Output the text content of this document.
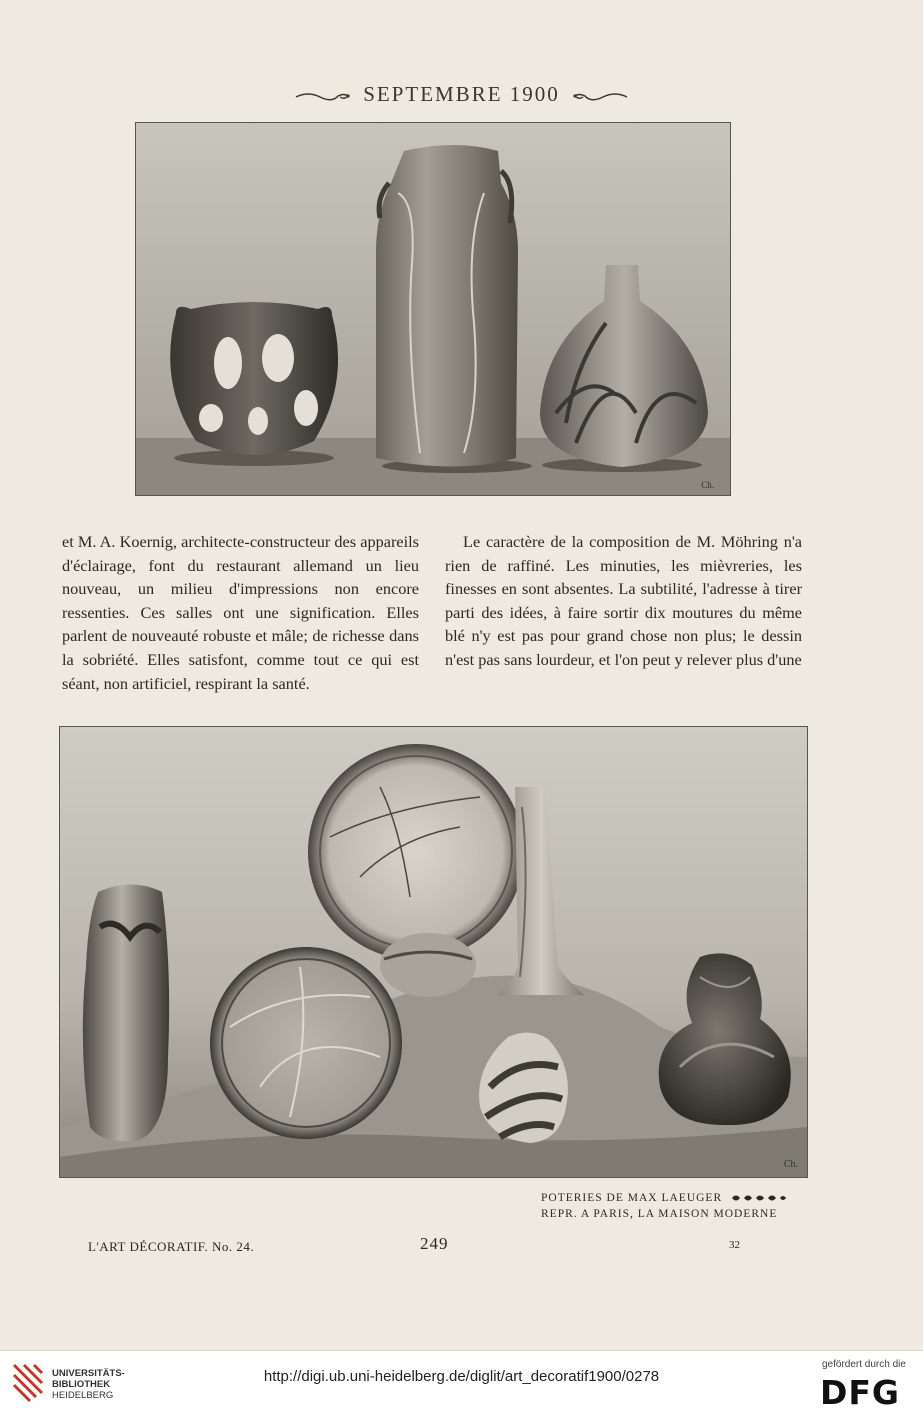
SEPTEMBRE 1900
Ch.

et M. A. Koernig, architecte-constructeur des appareils d'éclairage, font du restaurant allemand un lieu nouveau, un milieu d'impressions non encore ressenties. Ces salles ont une signification. Elles parlent de nouveauté robuste et mâle; de richesse dans la sobriété. Elles satisfont, comme tout ce qui est séant, non artificiel, respirant la santé.

Le caractère de la composition de M. Möhring n'a rien de raffiné. Les minuties, les mièvreries, les finesses en sont absentes. La subtilité, l'adresse à tirer parti des idées, à faire sortir dix moutures du même blé n'y est pas pour grand chose non plus; le dessin n'est pas sans lourdeur, et l'on peut y relever plus d'une

Ch.
POTERIES DE MAX LAEUGER
REPR. A PARIS, LA MAISON MODERNE
L'ART DÉCORATIF. No. 24.	249	32
UNIVERSITÄTS-
BIBLIOTHEK
HEIDELBERG
http://digi.ub.uni-heidelberg.de/diglit/art_decoratif1900/0278
gefördert durch die
DFG
